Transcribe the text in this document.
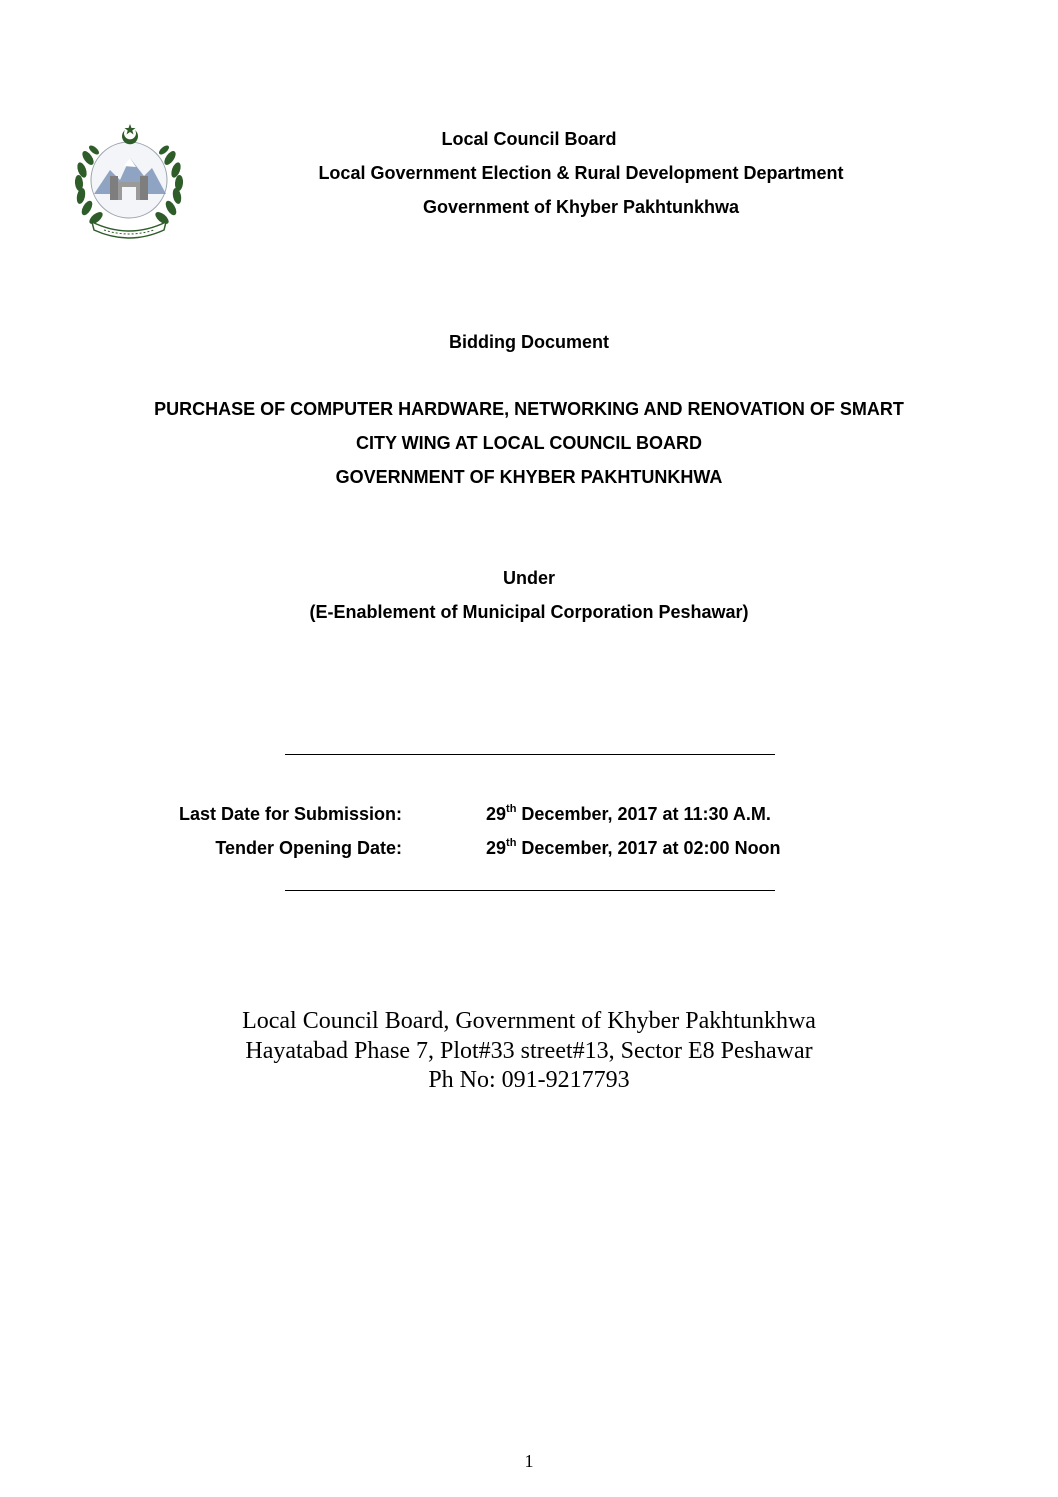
Local Council Board
Local Government Election & Rural Development Department
Government of Khyber Pakhtunkhwa
Bidding Document
PURCHASE OF COMPUTER HARDWARE, NETWORKING AND RENOVATION OF SMART
CITY WING AT LOCAL COUNCIL BOARD
GOVERNMENT OF KHYBER PAKHTUNKHWA
Under
(E-Enablement of Municipal Corporation Peshawar)
Last Date for Submission:	29th December, 2017 at 11:30 A.M.
Tender Opening Date:	29th December, 2017 at 02:00 Noon
Local Council Board, Government of Khyber Pakhtunkhwa
Hayatabad Phase 7, Plot#33 street#13, Sector E8 Peshawar
Ph No: 091-9217793
1
